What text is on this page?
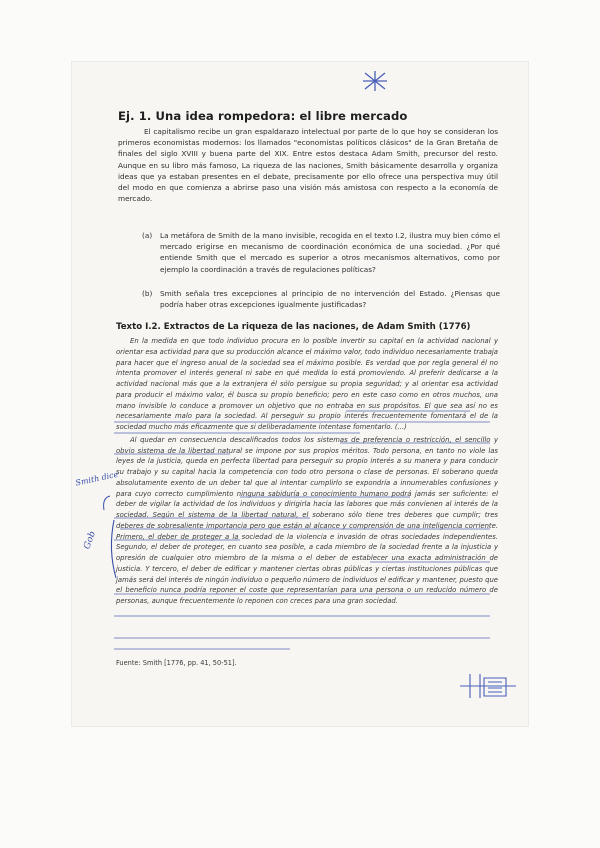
Ej. 1. Una idea rompedora: el libre mercado

El capitalismo recibe un gran espaldarazo intelectual por parte de lo que hoy se consideran los primeros economistas modernos: los llamados "economistas políticos clásicos" de la Gran Bretaña de finales del siglo XVIII y buena parte del XIX. Entre estos destaca Adam Smith, precursor del resto. Aunque en su libro más famoso, La riqueza de las naciones, Smith básicamente desarrolla y organiza ideas que ya estaban presentes en el debate, precisamente por ello ofrece una perspectiva muy útil del modo en que comienza a abrirse paso una visión más amistosa con respecto a la economía de mercado.

(a) La metáfora de Smith de la mano invisible, recogida en el texto I.2, ilustra muy bien cómo el mercado erigirse en mecanismo de coordinación económica de una sociedad. ¿Por qué entiende Smith que el mercado es superior a otros mecanismos alternativos, como por ejemplo la coordinación a través de regulaciones políticas?
(b) Smith señala tres excepciones al principio de no intervención del Estado. ¿Piensas que podría haber otras excepciones igualmente justificadas?
Texto I.2. Extractos de La riqueza de las naciones, de Adam Smith (1776)

En la medida en que todo individuo procura en lo posible invertir su capital en la actividad nacional y orientar esa actividad para que su producción alcance el máximo valor, todo individuo necesariamente trabaja para hacer que el ingreso anual de la sociedad sea el máximo posible. Es verdad que por regla general él no intenta promover el interés general ni sabe en qué medida lo está promoviendo. Al preferir dedicarse a la actividad nacional más que a la extranjera él sólo persigue su propia seguridad; y al orientar esa actividad para producir el máximo valor, él busca su propio beneficio; pero en este caso como en otros muchos, una mano invisible lo conduce a promover un objetivo que no entraba en sus propósitos. El que sea así no es necesariamente malo para la sociedad. Al perseguir su propio interés frecuentemente fomentará el de la sociedad mucho más eficazmente que si deliberadamente intentase fomentarlo. (...)

Al quedar en consecuencia descalificados todos los sistemas de preferencia o restricción, el sencillo y obvio sistema de la libertad natural se impone por sus propios méritos. Todo persona, en tanto no viole las leyes de la justicia, queda en perfecta libertad para perseguir su propio interés a su manera y para conducir su trabajo y su capital hacia la competencia con todo otro persona o clase de personas. El soberano queda absolutamente exento de un deber tal que al intentar cumplirlo se expondría a innumerables confusiones y para cuyo correcto cumplimiento ninguna sabiduría o conocimiento humano podrá jamás ser suficiente: el deber de vigilar la actividad de los individuos y dirigirla hacia las labores que más convienen al interés de la sociedad. Según el sistema de la libertad natural, el soberano sólo tiene tres deberes que cumplir; tres deberes de sobresaliente importancia pero que están al alcance y comprensión de una inteligencia corriente. Primero, el deber de proteger a la sociedad de la violencia e invasión de otras sociedades independientes. Segundo, el deber de proteger, en cuanto sea posible, a cada miembro de la sociedad frente a la injusticia y opresión de cualquier otro miembro de la misma o el deber de establecer una exacta administración de justicia. Y tercero, el deber de edificar y mantener ciertas obras públicas y ciertas instituciones públicas que jamás será del interés de ningún individuo o pequeño número de individuos el edificar y mantener, puesto que el beneficio nunca podría reponer el coste que representarían para una persona o un reducido número de personas, aunque frecuentemente lo reponen con creces para una gran sociedad.

Fuente: Smith [1776, pp. 41, 50-51].
Smith dice
Gob
